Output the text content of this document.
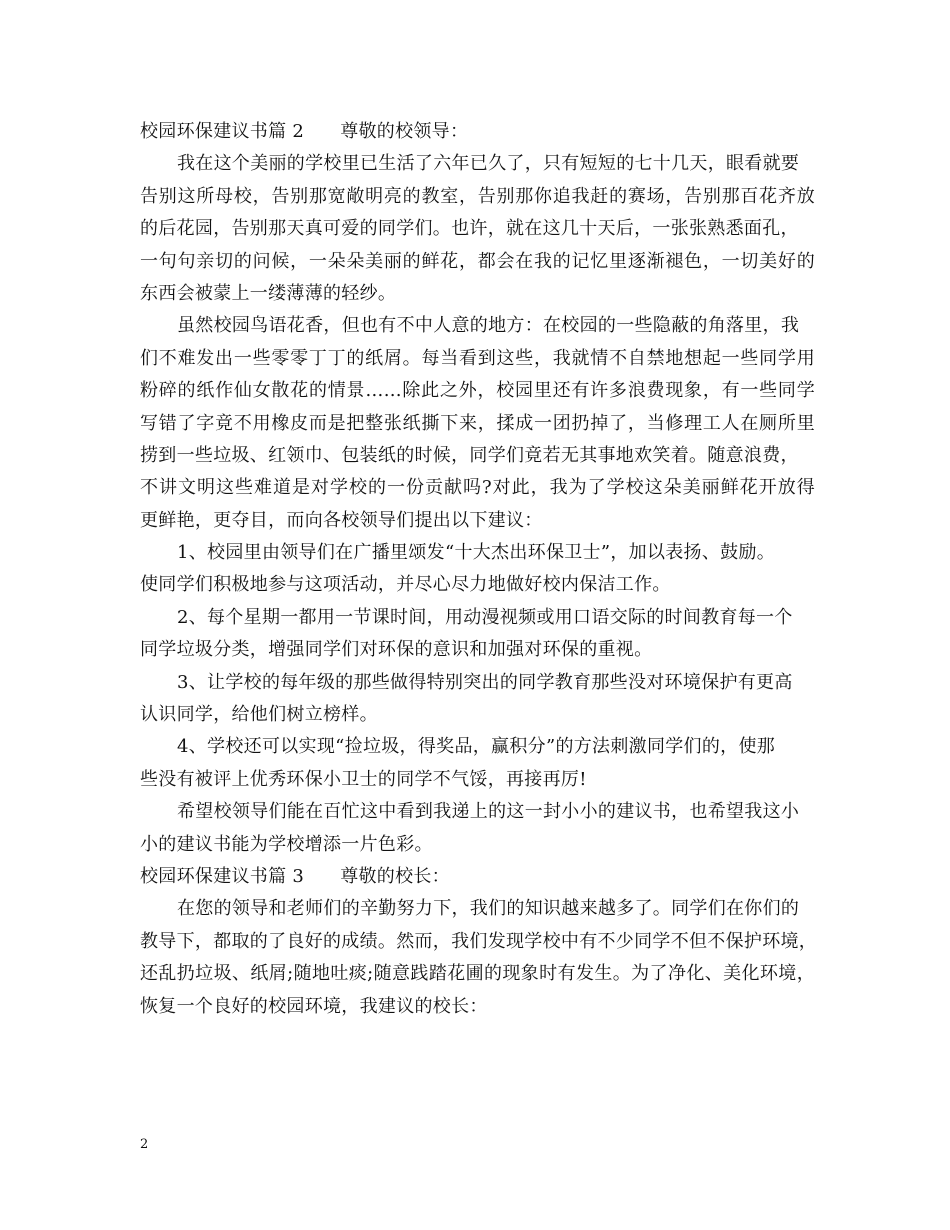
校园环保建议书篇 2 尊敬的校领导：
我在这个美丽的学校里已生活了六年已久了，只有短短的七十几天，眼看就要
告别这所母校，告别那宽敞明亮的教室，告别那你追我赶的赛场，告别那百花齐放
的后花园，告别那天真可爱的同学们。也许，就在这几十天后，一张张熟悉面孔，
一句句亲切的问候，一朵朵美丽的鲜花，都会在我的记忆里逐渐褪色，一切美好的
东西会被蒙上一缕薄薄的轻纱。
虽然校园鸟语花香，但也有不中人意的地方：在校园的一些隐蔽的角落里，我
们不难发出一些零零丁丁的纸屑。每当看到这些，我就情不自禁地想起一些同学用
粉碎的纸作仙女散花的情景……除此之外，校园里还有许多浪费现象，有一些同学
写错了字竟不用橡皮而是把整张纸撕下来，揉成一团扔掉了，当修理工人在厕所里
捞到一些垃圾、红领巾、包装纸的时候，同学们竟若无其事地欢笑着。随意浪费，
不讲文明这些难道是对学校的一份贡献吗?对此，我为了学校这朵美丽鲜花开放得
更鲜艳，更夺目，而向各校领导们提出以下建议：
1、校园里由领导们在广播里颂发“十大杰出环保卫士”，加以表扬、鼓励。
使同学们积极地参与这项活动，并尽心尽力地做好校内保洁工作。
2、每个星期一都用一节课时间，用动漫视频或用口语交际的时间教育每一个
同学垃圾分类，增强同学们对环保的意识和加强对环保的重视。
3、让学校的每年级的那些做得特别突出的同学教育那些没对环境保护有更高
认识同学，给他们树立榜样。
4、学校还可以实现“捡垃圾，得奖品，赢积分”的方法刺激同学们的，使那
些没有被评上优秀环保小卫士的同学不气馁，再接再厉!
希望校领导们能在百忙这中看到我递上的这一封小小的建议书，也希望我这小
小的建议书能为学校增添一片色彩。
校园环保建议书篇 3 尊敬的校长：
在您的领导和老师们的辛勤努力下，我们的知识越来越多了。同学们在你们的
教导下，都取的了良好的成绩。然而，我们发现学校中有不少同学不但不保护环境，
还乱扔垃圾、纸屑;随地吐痰;随意践踏花圃的现象时有发生。为了净化、美化环境，
恢复一个良好的校园环境，我建议的校长：
2
